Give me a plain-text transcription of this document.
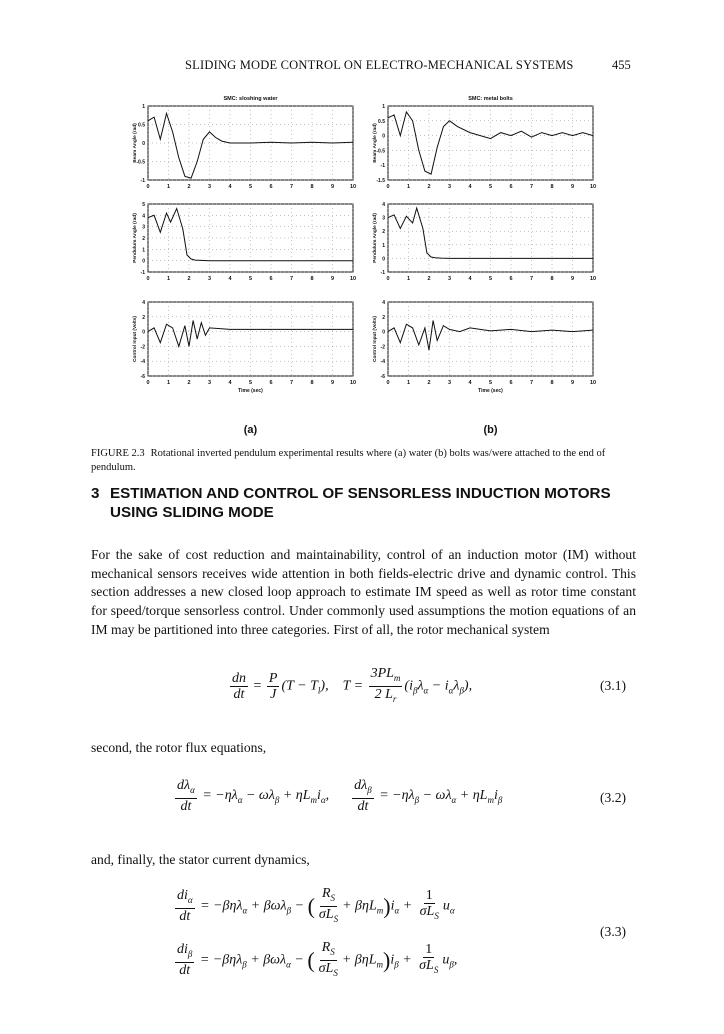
SLIDING MODE CONTROL ON ELECTRO-MECHANICAL SYSTEMS	455
0	1	2	3	4	5	6	7	8	9	10
1
0.5
0
-0.5
-1
Beam Angle (rad)
SMC: sloshing water
0	1	2	3	4	5	6	7	8	9	10
1
0.5
0
-0.5
-1
-1.5
Beam Angle (rad)
SMC: metal bolts
0	1	2	3	4	5	6	7	8	9	10
5
4
3
2
1
0
-1
Pendulum Angle (rad)
0	1	2	3	4	5	6	7	8	9	10
4
3
2
1
0
-1
Pendulum Angle (rad)
0	1	2	3	4	5	6	7	8	9	10
4
2
0
-2
-4
-6
Control Input (Volts)
Time (sec)
0	1	2	3	4	5	6	7	8	9	10
4
2
0
-2
-4
-6
Control Input (Volts)
Time (sec)
(a)	(b)
FIGURE 2.3 Rotational inverted pendulum experimental results where (a) water (b) bolts was/were attached to the end of pendulum.
3 ESTIMATION AND CONTROL OF SENSORLESS INDUCTION MOTORS
USING SLIDING MODE
For the sake of cost reduction and maintainability, control of an induction motor (IM) without mechanical sensors receives wide attention in both fields-electric drive and dynamic control. This section addresses a new closed loop approach to estimate IM speed as well as rotor time constant for speed/torque sensorless control. Under commonly used assumptions the motion equations of an IM may be partitioned into three categories. First of all, the rotor mechanical system
$\frac{dn}{dt} = \frac{P}{J} (T - T_l)$, $T = \frac{3PL_m}{2 L_r} (i_\beta\lambda_\alpha - i_\alpha\lambda_\beta)$,	(3.1)
second, the rotor flux equations,
$\frac{d\lambda_\alpha}{dt} = -\eta\lambda_\alpha - \omega\lambda_\beta + \eta L_mi_\alpha$, $\frac{d\lambda_\beta}{dt} = -\eta\lambda_\beta - \omega\lambda_\alpha + \eta L_mi_\beta$	(3.2)
and, finally, the stator current dynamics,
$\frac{di_\alpha}{dt} = -\beta\eta\lambda_\alpha + \beta\omega\lambda_\beta$ − ( $\frac{R_S}{\sigma L_S} + \beta\eta L_m)i_\alpha + \frac{1}{\sigma L_S} u_\alpha$
$\frac{di_\beta}{dt} = -\beta\eta\lambda_\beta + \beta\omega\lambda_\alpha$ − ( $\frac{R_S}{\sigma L_S} + \beta\eta L_m)i_\beta + \frac{1}{\sigma L_S} u_\beta$,
(3.3)
